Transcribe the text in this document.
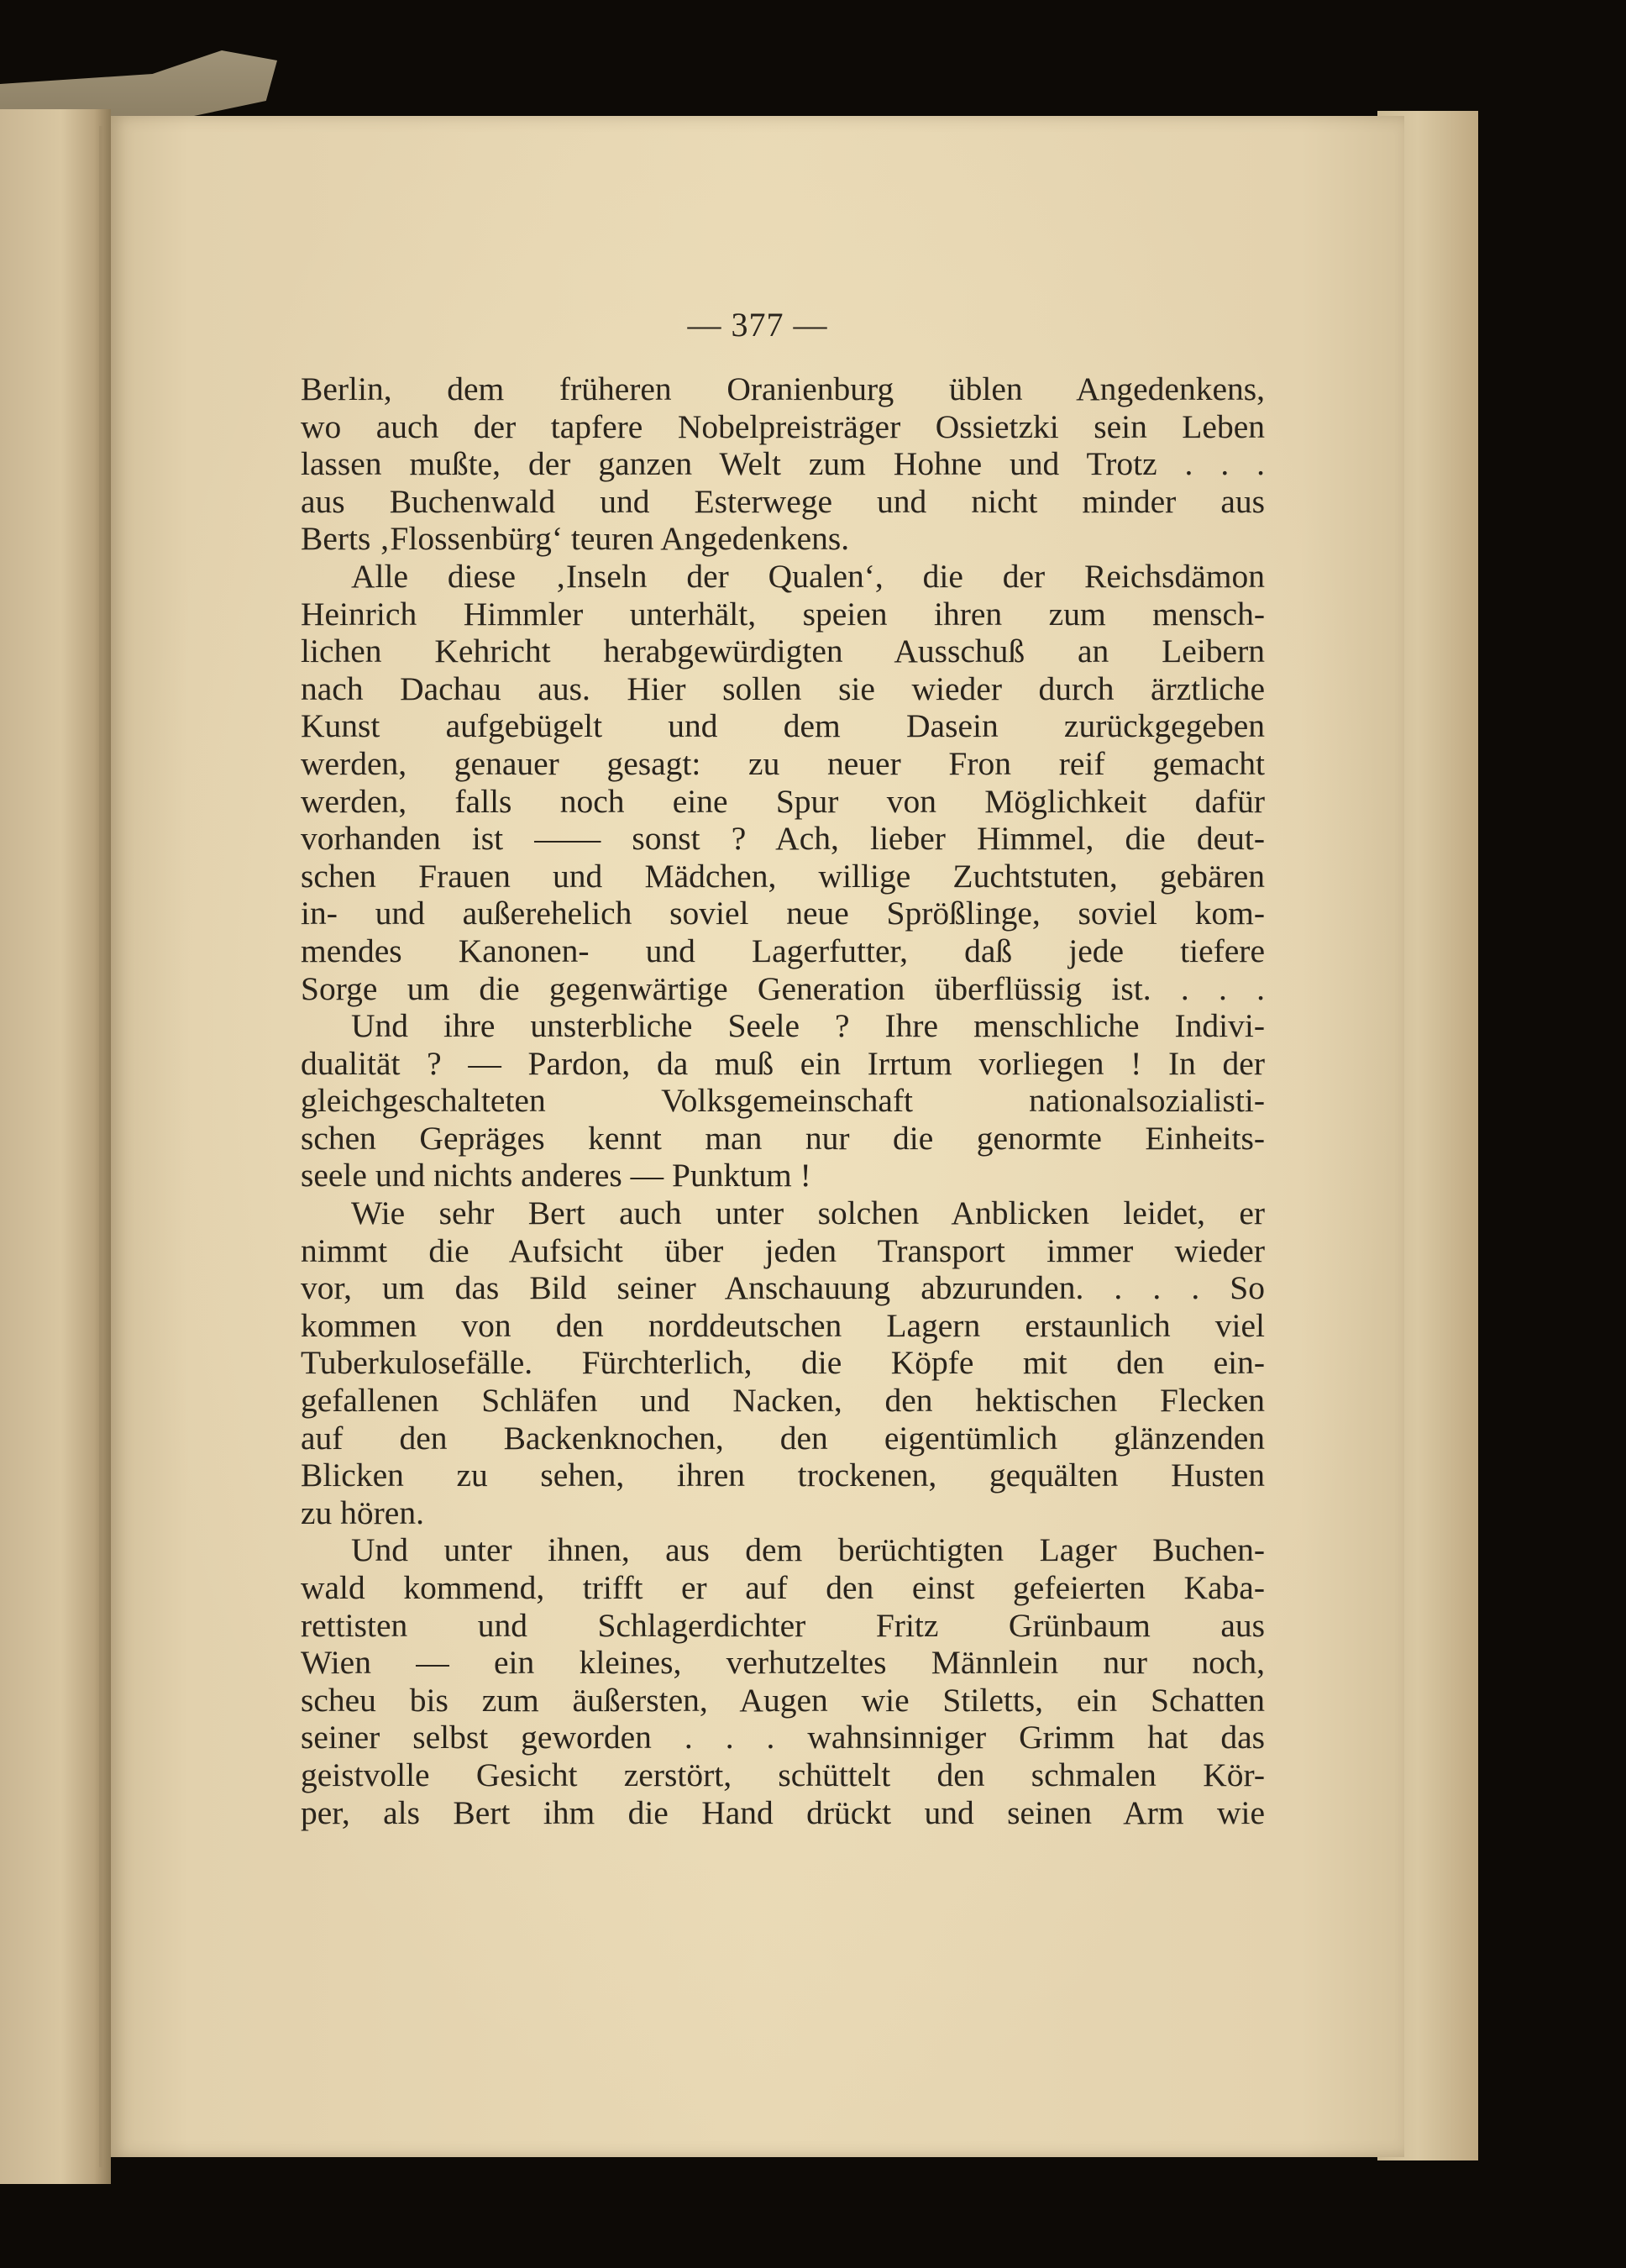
— 377 —
Berlin, dem früheren Oranienburg üblen Angedenkens,
wo auch der tapfere Nobelpreisträger Ossietzki sein Leben
lassen mußte, der ganzen Welt zum Hohne und Trotz . . .
aus Buchenwald und Esterwege und nicht minder aus
Berts ‚Flossenbürg‘ teuren Angedenkens.
Alle diese ‚Inseln der Qualen‘, die der Reichsdämon
Heinrich Himmler unterhält, speien ihren zum mensch-
lichen Kehricht herabgewürdigten Ausschuß an Leibern
nach Dachau aus. Hier sollen sie wieder durch ärztliche
Kunst aufgebügelt und dem Dasein zurückgegeben
werden, genauer gesagt: zu neuer Fron reif gemacht
werden, falls noch eine Spur von Möglichkeit dafür
vorhanden ist —— sonst ? Ach, lieber Himmel, die deut-
schen Frauen und Mädchen, willige Zuchtstuten, gebären
in- und außerehelich soviel neue Sprößlinge, soviel kom-
mendes Kanonen- und Lagerfutter, daß jede tiefere
Sorge um die gegenwärtige Generation überflüssig ist. . . .
Und ihre unsterbliche Seele ? Ihre menschliche Indivi-
dualität ? — Pardon, da muß ein Irrtum vorliegen ! In der
gleichgeschalteten Volksgemeinschaft nationalsozialisti-
schen Gepräges kennt man nur die genormte Einheits-
seele und nichts anderes — Punktum !
Wie sehr Bert auch unter solchen Anblicken leidet, er
nimmt die Aufsicht über jeden Transport immer wieder
vor, um das Bild seiner Anschauung abzurunden. . . . So
kommen von den norddeutschen Lagern erstaunlich viel
Tuberkulosefälle. Fürchterlich, die Köpfe mit den ein-
gefallenen Schläfen und Nacken, den hektischen Flecken
auf den Backenknochen, den eigentümlich glänzenden
Blicken zu sehen, ihren trockenen, gequälten Husten
zu hören.
Und unter ihnen, aus dem berüchtigten Lager Buchen-
wald kommend, trifft er auf den einst gefeierten Kaba-
rettisten und Schlagerdichter Fritz Grünbaum aus
Wien — ein kleines, verhutzeltes Männlein nur noch,
scheu bis zum äußersten, Augen wie Stiletts, ein Schatten
seiner selbst geworden . . . wahnsinniger Grimm hat das
geistvolle Gesicht zerstört, schüttelt den schmalen Kör-
per, als Bert ihm die Hand drückt und seinen Arm wie
